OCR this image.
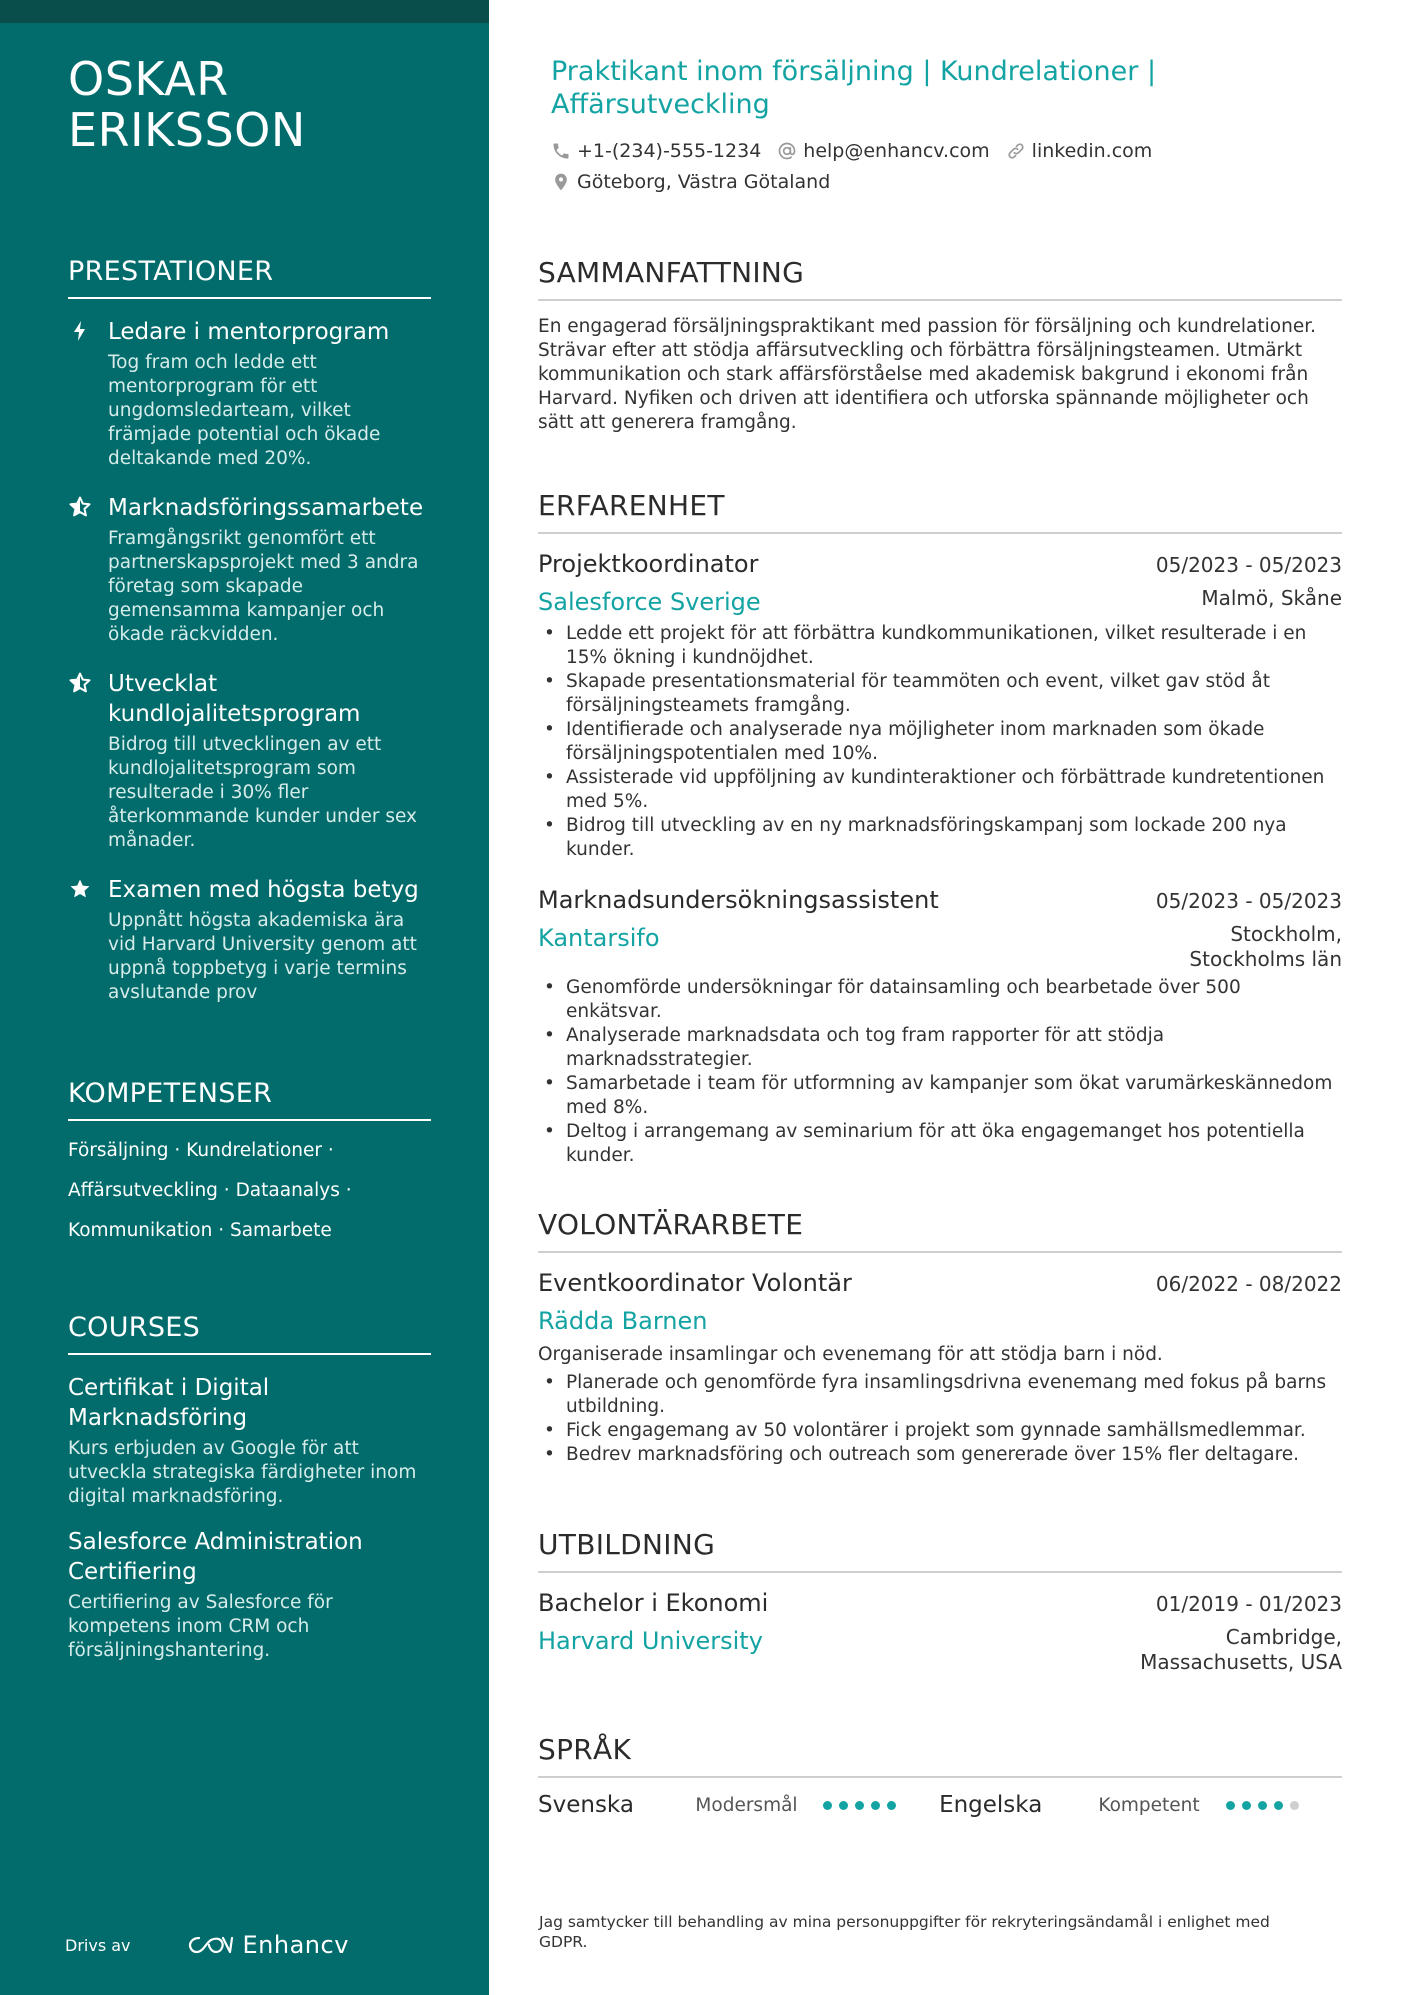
OSKAR ERIKSSON
PRESTATIONER
Ledare i mentorprogram
Tog fram och ledde ett mentorprogram för ett ungdomsledarteam, vilket främjade potential och ökade deltakande med 20%.
Marknadsföringssamarbete
Framgångsrikt genomfört ett partnerskapsprojekt med 3 andra företag som skapade gemensamma kampanjer och ökade räckvidden.
Utvecklat kundlojalitetsprogram
Bidrog till utvecklingen av ett kundlojalitetsprogram som resulterade i 30% fler återkommande kunder under sex månader.
Examen med högsta betyg
Uppnått högsta akademiska ära vid Harvard University genom att uppnå toppbetyg i varje termins avslutande prov
KOMPETENSER
Försäljning · Kundrelationer ·
Affärsutveckling · Dataanalys ·
Kommunikation · Samarbete
COURSES
Certifikat i Digital Marknadsföring
Kurs erbjuden av Google för att utveckla strategiska färdigheter inom digital marknadsföring.
Salesforce Administration Certifiering
Certifiering av Salesforce för kompetens inom CRM och försäljningshantering.
Drivs av	Enhancv
Praktikant inom försäljning | Kundrelationer | Affärsutveckling
+1-(234)-555-1234 help@enhancv.com linkedin.com
Göteborg, Västra Götaland
SAMMANFATTNING
En engagerad försäljningspraktikant med passion för försäljning och kundrelationer. Strävar efter att stödja affärsutveckling och förbättra försäljningsteamen. Utmärkt kommunikation och stark affärsförståelse med akademisk bakgrund i ekonomi från Harvard. Nyfiken och driven att identifiera och utforska spännande möjligheter och sätt att generera framgång.
ERFARENHET
Projektkoordinator	05/2023 - 05/2023
Salesforce Sverige	Malmö, Skåne
• Ledde ett projekt för att förbättra kundkommunikationen, vilket resulterade i en 15% ökning i kundnöjdhet.
• Skapade presentationsmaterial för teammöten och event, vilket gav stöd åt försäljningsteamets framgång.
• Identifierade och analyserade nya möjligheter inom marknaden som ökade försäljningspotentialen med 10%.
• Assisterade vid uppföljning av kundinteraktioner och förbättrade kundretentionen med 5%.
• Bidrog till utveckling av en ny marknadsföringskampanj som lockade 200 nya kunder.
Marknadsundersökningsassistent	05/2023 - 05/2023
Kantarsifo	Stockholm, Stockholms län
• Genomförde undersökningar för datainsamling och bearbetade över 500 enkätsvar.
• Analyserade marknadsdata och tog fram rapporter för att stödja marknadsstrategier.
• Samarbetade i team för utformning av kampanjer som ökat varumärkeskännedom med 8%.
• Deltog i arrangemang av seminarium för att öka engagemanget hos potentiella kunder.
VOLONTÄRARBETE
Eventkoordinator Volontär	06/2022 - 08/2022
Rädda Barnen
Organiserade insamlingar och evenemang för att stödja barn i nöd.
• Planerade och genomförde fyra insamlingsdrivna evenemang med fokus på barns utbildning.
• Fick engagemang av 50 volontärer i projekt som gynnade samhällsmedlemmar.
• Bedrev marknadsföring och outreach som genererade över 15% fler deltagare.
UTBILDNING
Bachelor i Ekonomi	01/2019 - 01/2023
Harvard University	Cambridge, Massachusetts, USA
SPRÅK
Svenska	Modersmål	Engelska	Kompetent
Jag samtycker till behandling av mina personuppgifter för rekryteringsändamål i enlighet med GDPR.
